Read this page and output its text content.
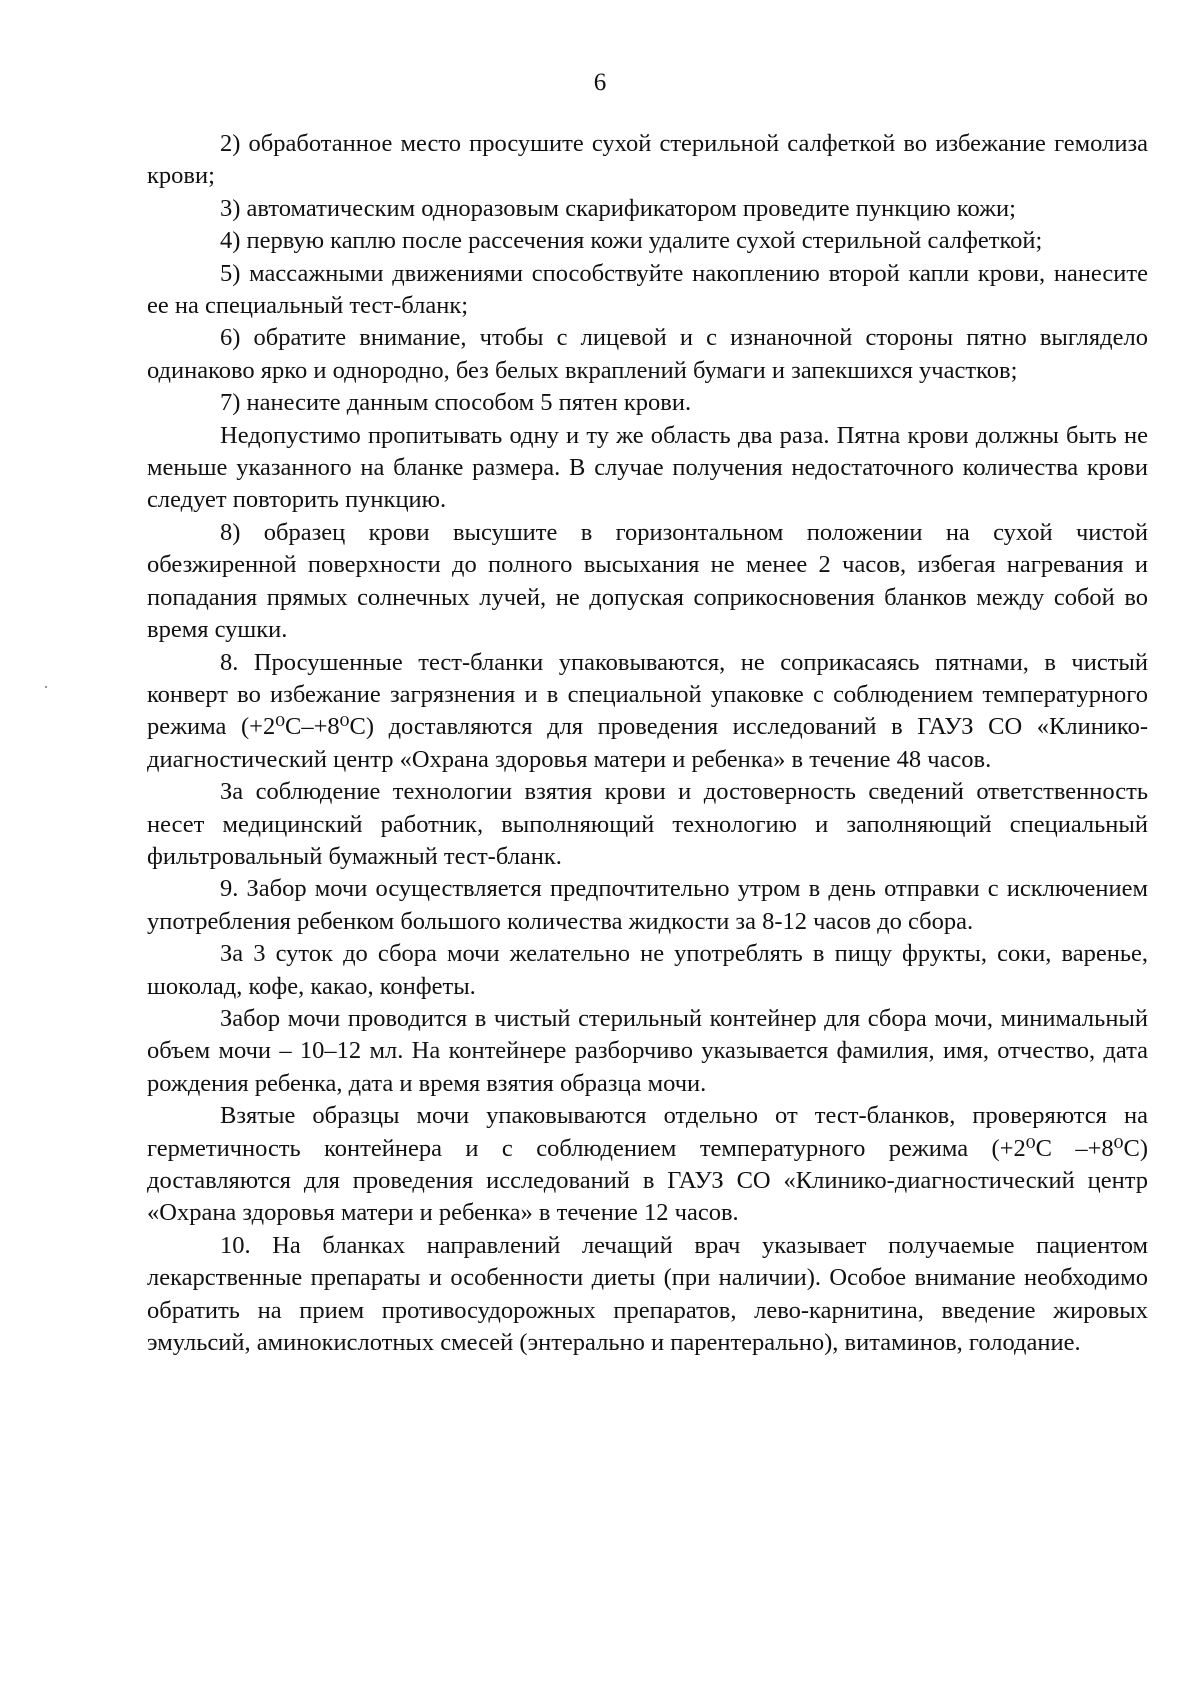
6

2) обработанное место просушите сухой стерильной салфеткой во избежание гемолиза крови;

3) автоматическим одноразовым скарификатором проведите пункцию кожи;

4) первую каплю после рассечения кожи удалите сухой стерильной салфеткой;

5) массажными движениями способствуйте накоплению второй капли крови, нанесите ее на специальный тест-бланк;

6) обратите внимание, чтобы с лицевой и с изнаночной стороны пятно выглядело одинаково ярко и однородно, без белых вкраплений бумаги и запекшихся участков;

7) нанесите данным способом 5 пятен крови.

Недопустимо пропитывать одну и ту же область два раза. Пятна крови должны быть не меньше указанного на бланке размера. В случае получения недостаточного количества крови следует повторить пункцию.

8) образец крови высушите в горизонтальном положении на сухой чистой обезжиренной поверхности до полного высыхания не менее 2 часов, избегая нагревания и попадания прямых солнечных лучей, не допуская соприкосновения бланков между собой во время сушки.

8. Просушенные тест-бланки упаковываются, не соприкасаясь пятнами, в чистый конверт во избежание загрязнения и в специальной упаковке с соблюдением температурного режима (+2⁰С–+8⁰С) доставляются для проведения исследований в ГАУЗ СО «Клинико-диагностический центр «Охрана здоровья матери и ребенка» в течение 48 часов.

За соблюдение технологии взятия крови и достоверность сведений ответственность несет медицинский работник, выполняющий технологию и заполняющий специальный фильтровальный бумажный тест-бланк.

9. Забор мочи осуществляется предпочтительно утром в день отправки с исключением употребления ребенком большого количества жидкости за 8-12 часов до сбора.

За 3 суток до сбора мочи желательно не употреблять в пищу фрукты, соки, варенье, шоколад, кофе, какао, конфеты.

Забор мочи проводится в чистый стерильный контейнер для сбора мочи, минимальный объем мочи – 10–12 мл. На контейнере разборчиво указывается фамилия, имя, отчество, дата рождения ребенка, дата и время взятия образца мочи.

Взятые образцы мочи упаковываются отдельно от тест-бланков, проверяются на герметичность контейнера и с соблюдением температурного режима (+2⁰С –+8⁰С) доставляются для проведения исследований в ГАУЗ СО «Клинико-диагностический центр «Охрана здоровья матери и ребенка» в течение 12 часов.

10. На бланках направлений лечащий врач указывает получаемые пациентом лекарственные препараты и особенности диеты (при наличии). Особое внимание необходимо обратить на прием противосудорожных препаратов, лево-карнитина, введение жировых эмульсий, аминокислотных смесей (энтерально и парентерально), витаминов, голодание.
